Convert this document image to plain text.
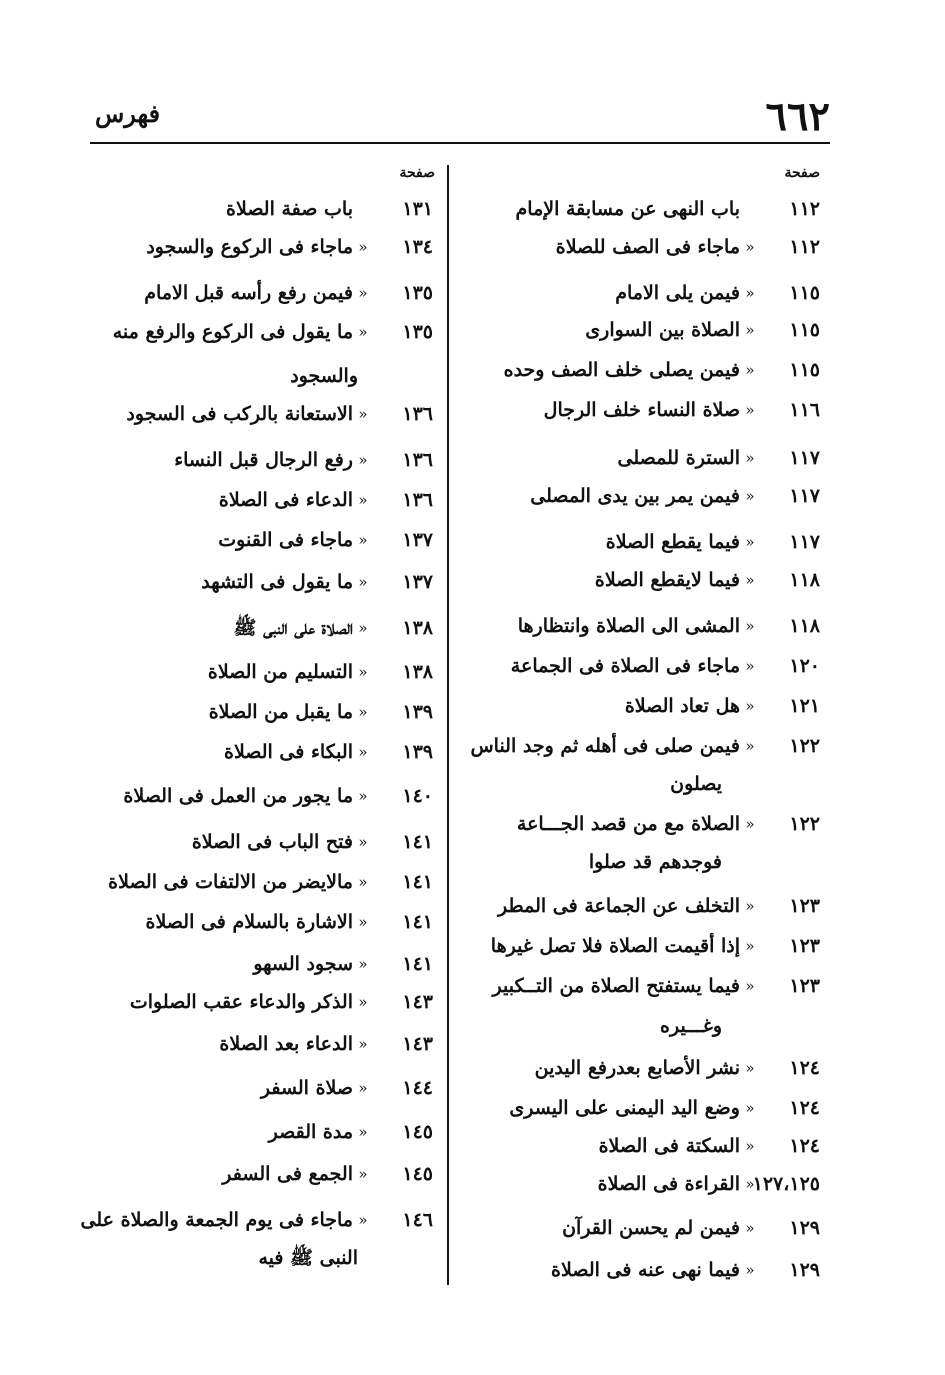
٦٦٢
فهرس
صفحة
صفحة
١١٢
باب النهى عن مسابقة الإمام
١١٢
«
ماجاء فى الصف للصلاة
١١٥
«
فيمن يلى الامام
١١٥
«
الصلاة بين السوارى
١١٥
«
فيمن يصلى خلف الصف وحده
١١٦
«
صلاة النساء خلف الرجال
١١٧
«
السترة للمصلى
١١٧
«
فيمن يمر بين يدى المصلى
١١٧
«
فيما يقطع الصلاة
١١٨
«
فيما لايقطع الصلاة
١١٨
«
المشى الى الصلاة وانتظارها
١٢٠
«
ماجاء فى الصلاة فى الجماعة
١٢١
«
هل تعاد الصلاة
١٢٢
«
فيمن صلى فى أهله ثم وجد الناس
يصلون
١٢٢
«
الصلاة مع من قصد الجـــاعة
فوجدهم قد صلوا
١٢٣
«
التخلف عن الجماعة فى المطر
١٢٣
«
إذا أقيمت الصلاة فلا تصل غيرها
١٢٣
«
فيما يستفتح الصلاة من التــكبير
وغـــيره
١٢٤
«
نشر الأصابع بعدرفع اليدين
١٢٤
«
وضع اليد اليمنى على اليسرى
١٢٤
«
السكتة فى الصلاة
١٢٧،١٢٥
«
القراءة فى الصلاة
١٢٩
«
فيمن لم يحسن القرآن
١٢٩
«
فيما نهى عنه فى الصلاة
١٣١
باب صفة الصلاة
١٣٤
«
ماجاء فى الركوع والسجود
١٣٥
«
فيمن رفع رأسه قبل الامام
١٣٥
«
ما يقول فى الركوع والرفع منه
والسجود
١٣٦
«
الاستعانة بالركب فى السجود
١٣٦
«
رفع الرجال قبل النساء
١٣٦
«
الدعاء فى الصلاة
١٣٧
«
ماجاء فى القنوت
١٣٧
«
ما يقول فى التشهد
١٣٨
«
الصلاة على النبى ﷺ
١٣٨
«
التسليم من الصلاة
١٣٩
«
ما يقبل من الصلاة
١٣٩
«
البكاء فى الصلاة
١٤٠
«
ما يجور من العمل فى الصلاة
١٤١
«
فتح الباب فى الصلاة
١٤١
«
مالايضر من الالتفات فى الصلاة
١٤١
«
الاشارة بالسلام فى الصلاة
١٤١
«
سجود السهو
١٤٣
«
الذكر والدعاء عقب الصلوات
١٤٣
«
الدعاء بعد الصلاة
١٤٤
«
صلاة السفر
١٤٥
«
مدة القصر
١٤٥
«
الجمع فى السفر
١٤٦
«
ماجاء فى يوم الجمعة والصلاة على
النبى ﷺ فيه
